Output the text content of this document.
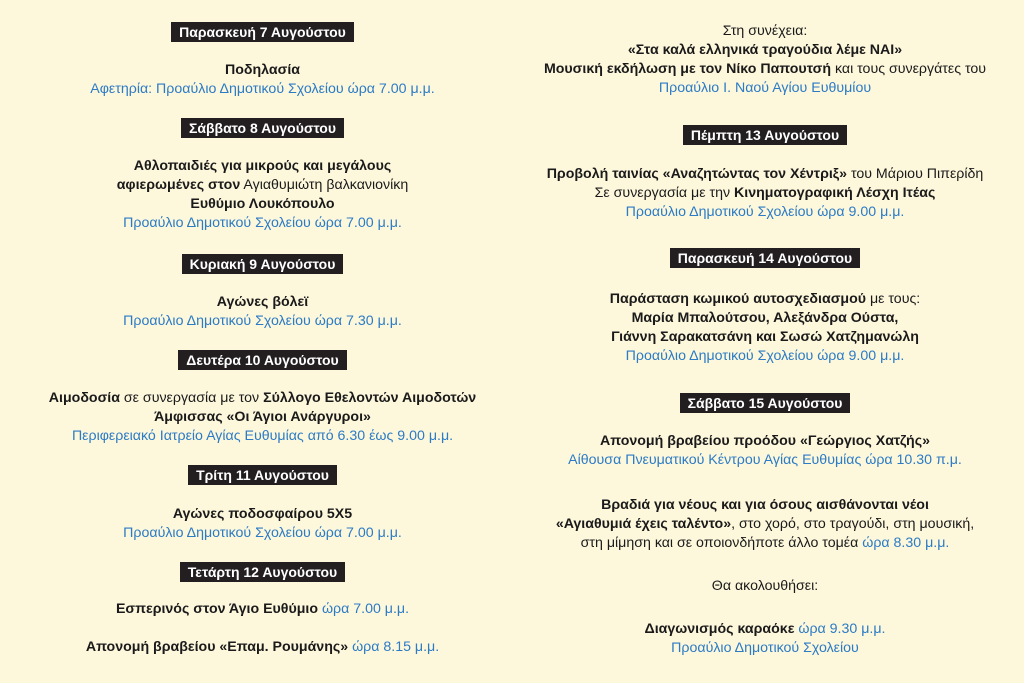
Παρασκευή 7 Αυγούστου
Ποδηλασία
Αφετηρία: Προαύλιο Δημοτικού Σχολείου ώρα 7.00 μ.μ.
Σάββατο 8 Αυγούστου
Αθλοπαιδιές για μικρούς και μεγάλους
αφιερωμένες στον Αγιαθυμιώτη βαλκανιονίκη
Ευθύμιο Λουκόπουλο
Προαύλιο Δημοτικού Σχολείου ώρα 7.00 μ.μ.
Κυριακή 9 Αυγούστου
Αγώνες βόλεϊ
Προαύλιο Δημοτικού Σχολείου ώρα 7.30 μ.μ.
Δευτέρα 10 Αυγούστου
Αιμοδοσία σε συνεργασία με τον Σύλλογο Εθελοντών Αιμοδοτών
Άμφισσας «Οι Άγιοι Ανάργυροι»
Περιφερειακό Ιατρείο Αγίας Ευθυμίας από 6.30 έως 9.00 μ.μ.
Τρίτη 11 Αυγούστου
Αγώνες ποδοσφαίρου 5Χ5
Προαύλιο Δημοτικού Σχολείου ώρα 7.00 μ.μ.
Τετάρτη 12 Αυγούστου
Εσπερινός στον Άγιο Ευθύμιο ώρα 7.00 μ.μ.
Απονομή βραβείου «Επαμ. Ρουμάνης» ώρα 8.15 μ.μ.
Στη συνέχεια:
«Στα καλά ελληνικά τραγούδια λέμε ΝΑΙ»
Μουσική εκδήλωση με τον Νίκο Παπουτσή και τους συνεργάτες του
Προαύλιο Ι. Ναού Αγίου Ευθυμίου
Πέμπτη 13 Αυγούστου
Προβολή ταινίας «Αναζητώντας τον Χέντριξ» του Μάριου Πιπερίδη
Σε συνεργασία με την Κινηματογραφική Λέσχη Ιτέας
Προαύλιο Δημοτικού Σχολείου ώρα 9.00 μ.μ.
Παρασκευή 14 Αυγούστου
Παράσταση κωμικού αυτοσχεδιασμού με τους:
Μαρία Μπαλούτσου, Αλεξάνδρα Ούστα,
Γιάννη Σαρακατσάνη και Σωσώ Χατζημανώλη
Προαύλιο Δημοτικού Σχολείου ώρα 9.00 μ.μ.
Σάββατο 15 Αυγούστου
Απονομή βραβείου προόδου «Γεώργιος Χατζής»
Αίθουσα Πνευματικού Κέντρου Αγίας Ευθυμίας ώρα 10.30 π.μ.
Βραδιά για νέους και για όσους αισθάνονται νέοι
«Αγιαθυμιά έχεις ταλέντο», στο χορό, στο τραγούδι, στη μουσική,
στη μίμηση και σε οποιονδήποτε άλλο τομέα ώρα 8.30 μ.μ.
Θα ακολουθήσει:
Διαγωνισμός καραόκε ώρα 9.30 μ.μ.
Προαύλιο Δημοτικού Σχολείου
